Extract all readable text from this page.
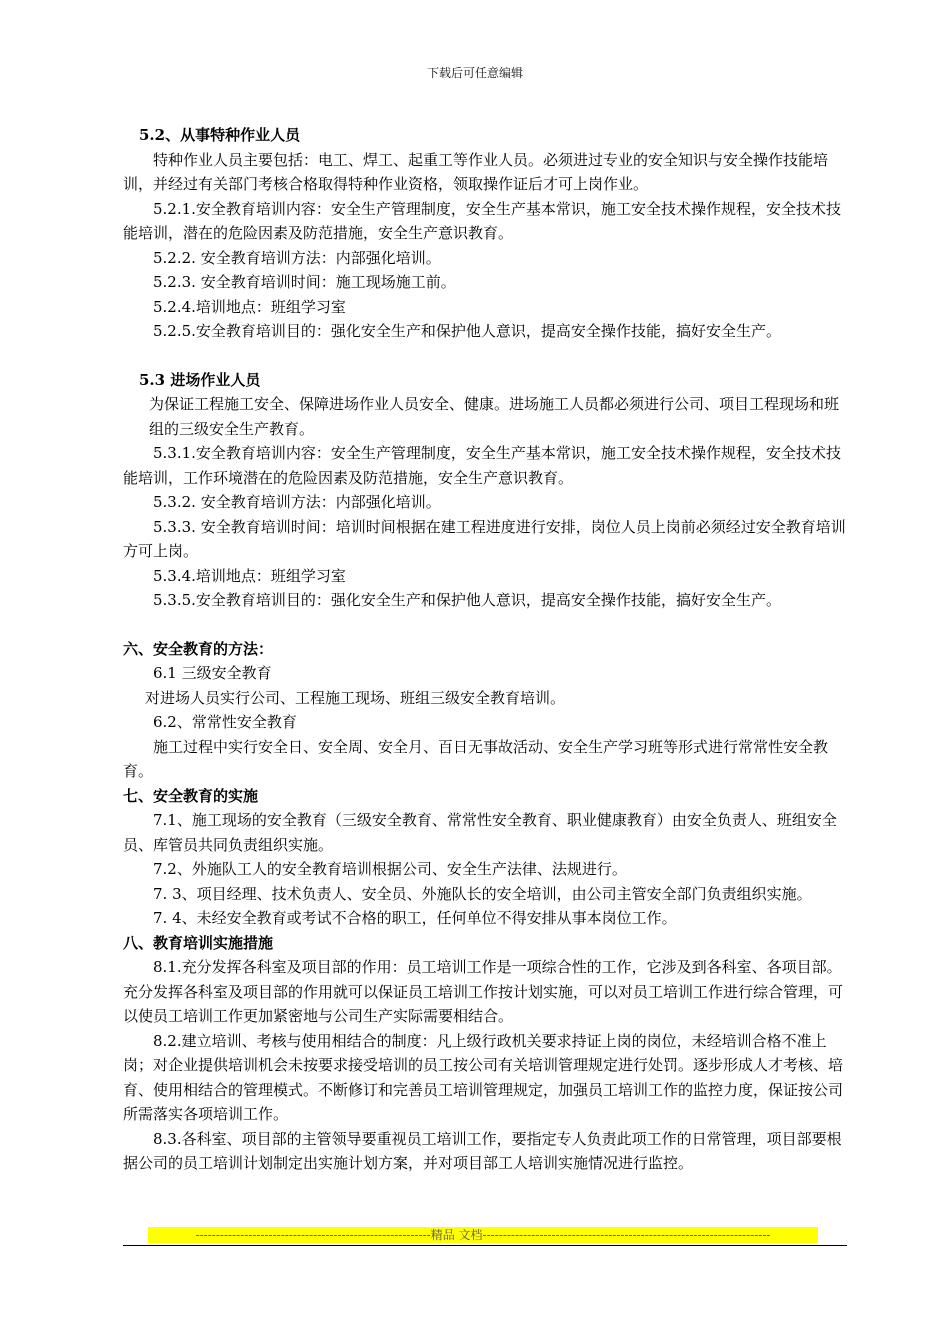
下载后可任意编辑

5.2、从事特种作业人员

特种作业人员主要包括：电工、焊工、起重工等作业人员。必须进过专业的安全知识与安全操作技能培训，并经过有关部门考核合格取得特种作业资格，领取操作证后才可上岗作业。

5.2.1.安全教育培训内容：安全生产管理制度，安全生产基本常识，施工安全技术操作规程，安全技术技能培训，潜在的危险因素及防范措施，安全生产意识教育。

5.2.2. 安全教育培训方法：内部强化培训。

5.2.3. 安全教育培训时间：施工现场施工前。

5.2.4.培训地点：班组学习室

5.2.5.安全教育培训目的：强化安全生产和保护他人意识，提高安全操作技能，搞好安全生产。

5.3 进场作业人员

为保证工程施工安全、保障进场作业人员安全、健康。进场施工人员都必须进行公司、项目工程现场和班组的三级安全生产教育。

5.3.1.安全教育培训内容：安全生产管理制度，安全生产基本常识，施工安全技术操作规程，安全技术技能培训，工作环境潜在的危险因素及防范措施，安全生产意识教育。

5.3.2. 安全教育培训方法：内部强化培训。

5.3.3. 安全教育培训时间：培训时间根据在建工程进度进行安排，岗位人员上岗前必须经过安全教育培训方可上岗。

5.3.4.培训地点：班组学习室

5.3.5.安全教育培训目的：强化安全生产和保护他人意识，提高安全操作技能，搞好安全生产。

六、安全教育的方法：

6.1 三级安全教育

对进场人员实行公司、工程施工现场、班组三级安全教育培训。

6.2、常常性安全教育

施工过程中实行安全日、安全周、安全月、百日无事故活动、安全生产学习班等形式进行常常性安全教育。

七、安全教育的实施

7.1、施工现场的安全教育（三级安全教育、常常性安全教育、职业健康教育）由安全负责人、班组安全员、库管员共同负责组织实施。

7.2、外施队工人的安全教育培训根据公司、安全生产法律、法规进行。

7. 3、项目经理、技术负责人、安全员、外施队长的安全培训，由公司主管安全部门负责组织实施。

7. 4、未经安全教育或考试不合格的职工，任何单位不得安排从事本岗位工作。

八、教育培训实施措施

8.1.充分发挥各科室及项目部的作用：员工培训工作是一项综合性的工作，它涉及到各科室、各项目部。充分发挥各科室及项目部的作用就可以保证员工培训工作按计划实施，可以对员工培训工作进行综合管理，可以使员工培训工作更加紧密地与公司生产实际需要相结合。

8.2.建立培训、考核与使用相结合的制度：凡上级行政机关要求持证上岗的岗位，未经培训合格不准上岗；对企业提供培训机会未按要求接受培训的员工按公司有关培训管理规定进行处罚。逐步形成人才考核、培育、使用相结合的管理模式。不断修订和完善员工培训管理规定，加强员工培训工作的监控力度，保证按公司所需落实各项培训工作。

8.3.各科室、项目部的主管领导要重视员工培训工作，要指定专人负责此项工作的日常管理，项目部要根据公司的员工培训计划制定出实施计划方案，并对项目部工人培训实施情况进行监控。

----------------------------------------------------------精品 文档-----------------------------------------------------------------------
